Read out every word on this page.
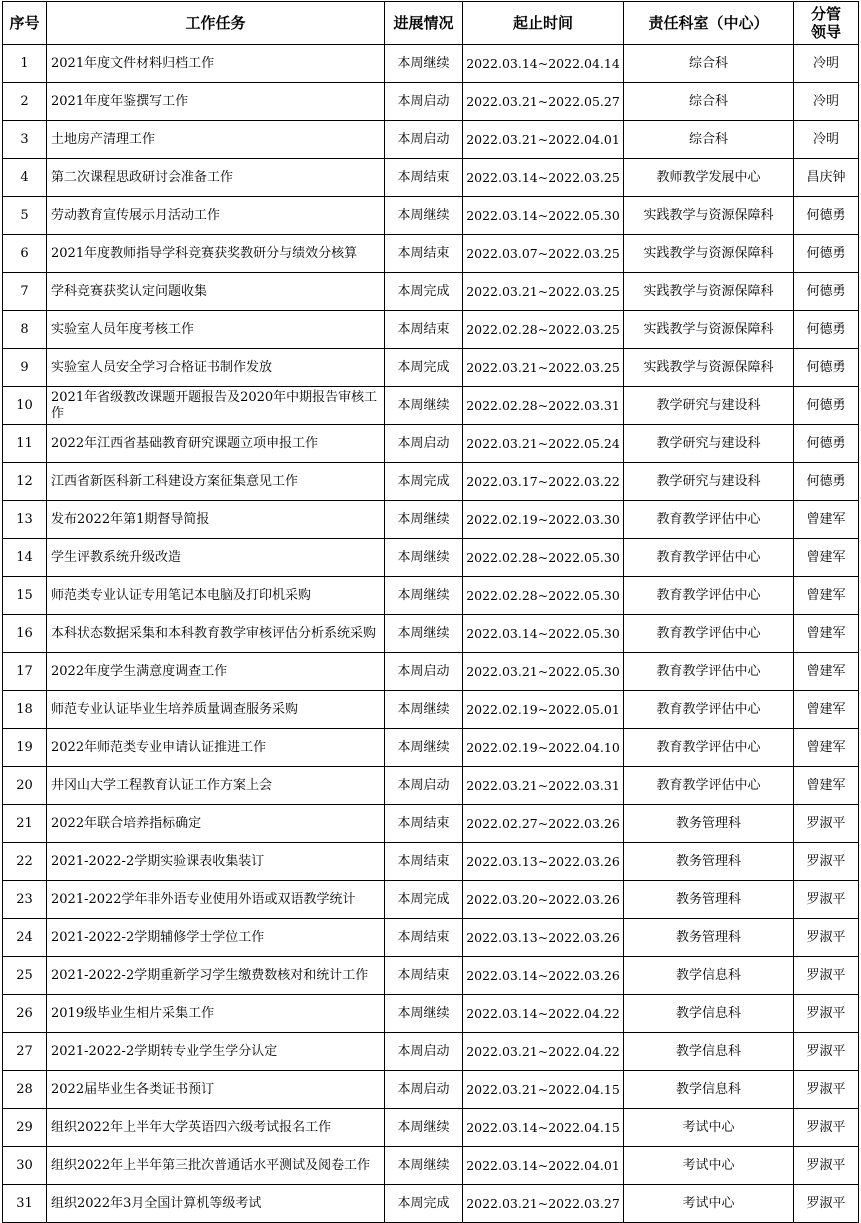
序号	工作任务	进展情况	起止时间	责任科室（中心）	分管
领导
1	2021年度文件材料归档工作	本周继续	2022.03.14~2022.04.14	综合科	冷明
2	2021年度年鉴撰写工作	本周启动	2022.03.21~2022.05.27	综合科	冷明
3	土地房产清理工作	本周启动	2022.03.21~2022.04.01	综合科	冷明
4	第二次课程思政研讨会准备工作	本周结束	2022.03.14~2022.03.25	教师教学发展中心	昌庆钟
5	劳动教育宣传展示月活动工作	本周继续	2022.03.14~2022.05.30	实践教学与资源保障科	何德勇
6	2021年度教师指导学科竞赛获奖教研分与绩效分核算	本周结束	2022.03.07~2022.03.25	实践教学与资源保障科	何德勇
7	学科竞赛获奖认定问题收集	本周完成	2022.03.21~2022.03.25	实践教学与资源保障科	何德勇
8	实验室人员年度考核工作	本周结束	2022.02.28~2022.03.25	实践教学与资源保障科	何德勇
9	实验室人员安全学习合格证书制作发放	本周完成	2022.03.21~2022.03.25	实践教学与资源保障科	何德勇
10	2021年省级教改课题开题报告及2020年中期报告审核工作	本周继续	2022.02.28~2022.03.31	教学研究与建设科	何德勇
11	2022年江西省基础教育研究课题立项申报工作	本周启动	2022.03.21~2022.05.24	教学研究与建设科	何德勇
12	江西省新医科新工科建设方案征集意见工作	本周完成	2022.03.17~2022.03.22	教学研究与建设科	何德勇
13	发布2022年第1期督导简报	本周继续	2022.02.19~2022.03.30	教育教学评估中心	曾建军
14	学生评教系统升级改造	本周继续	2022.02.28~2022.05.30	教育教学评估中心	曾建军
15	师范类专业认证专用笔记本电脑及打印机采购	本周继续	2022.02.28~2022.05.30	教育教学评估中心	曾建军
16	本科状态数据采集和本科教育教学审核评估分析系统采购	本周继续	2022.03.14~2022.05.30	教育教学评估中心	曾建军
17	2022年度学生满意度调查工作	本周启动	2022.03.21~2022.05.30	教育教学评估中心	曾建军
18	师范专业认证毕业生培养质量调查服务采购	本周继续	2022.02.19~2022.05.01	教育教学评估中心	曾建军
19	2022年师范类专业申请认证推进工作	本周继续	2022.02.19~2022.04.10	教育教学评估中心	曾建军
20	井冈山大学工程教育认证工作方案上会	本周启动	2022.03.21~2022.03.31	教育教学评估中心	曾建军
21	2022年联合培养指标确定	本周结束	2022.02.27~2022.03.26	教务管理科	罗淑平
22	2021-2022-2学期实验课表收集装订	本周结束	2022.03.13~2022.03.26	教务管理科	罗淑平
23	2021-2022学年非外语专业使用外语或双语教学统计	本周完成	2022.03.20~2022.03.26	教务管理科	罗淑平
24	2021-2022-2学期辅修学士学位工作	本周结束	2022.03.13~2022.03.26	教务管理科	罗淑平
25	2021-2022-2学期重新学习学生缴费数核对和统计工作	本周结束	2022.03.14~2022.03.26	教学信息科	罗淑平
26	2019级毕业生相片采集工作	本周继续	2022.03.14~2022.04.22	教学信息科	罗淑平
27	2021-2022-2学期转专业学生学分认定	本周启动	2022.03.21~2022.04.22	教学信息科	罗淑平
28	2022届毕业生各类证书预订	本周启动	2022.03.21~2022.04.15	教学信息科	罗淑平
29	组织2022年上半年大学英语四六级考试报名工作	本周继续	2022.03.14~2022.04.15	考试中心	罗淑平
30	组织2022年上半年第三批次普通话水平测试及阅卷工作	本周继续	2022.03.14~2022.04.01	考试中心	罗淑平
31	组织2022年3月全国计算机等级考试	本周完成	2022.03.21~2022.03.27	考试中心	罗淑平
